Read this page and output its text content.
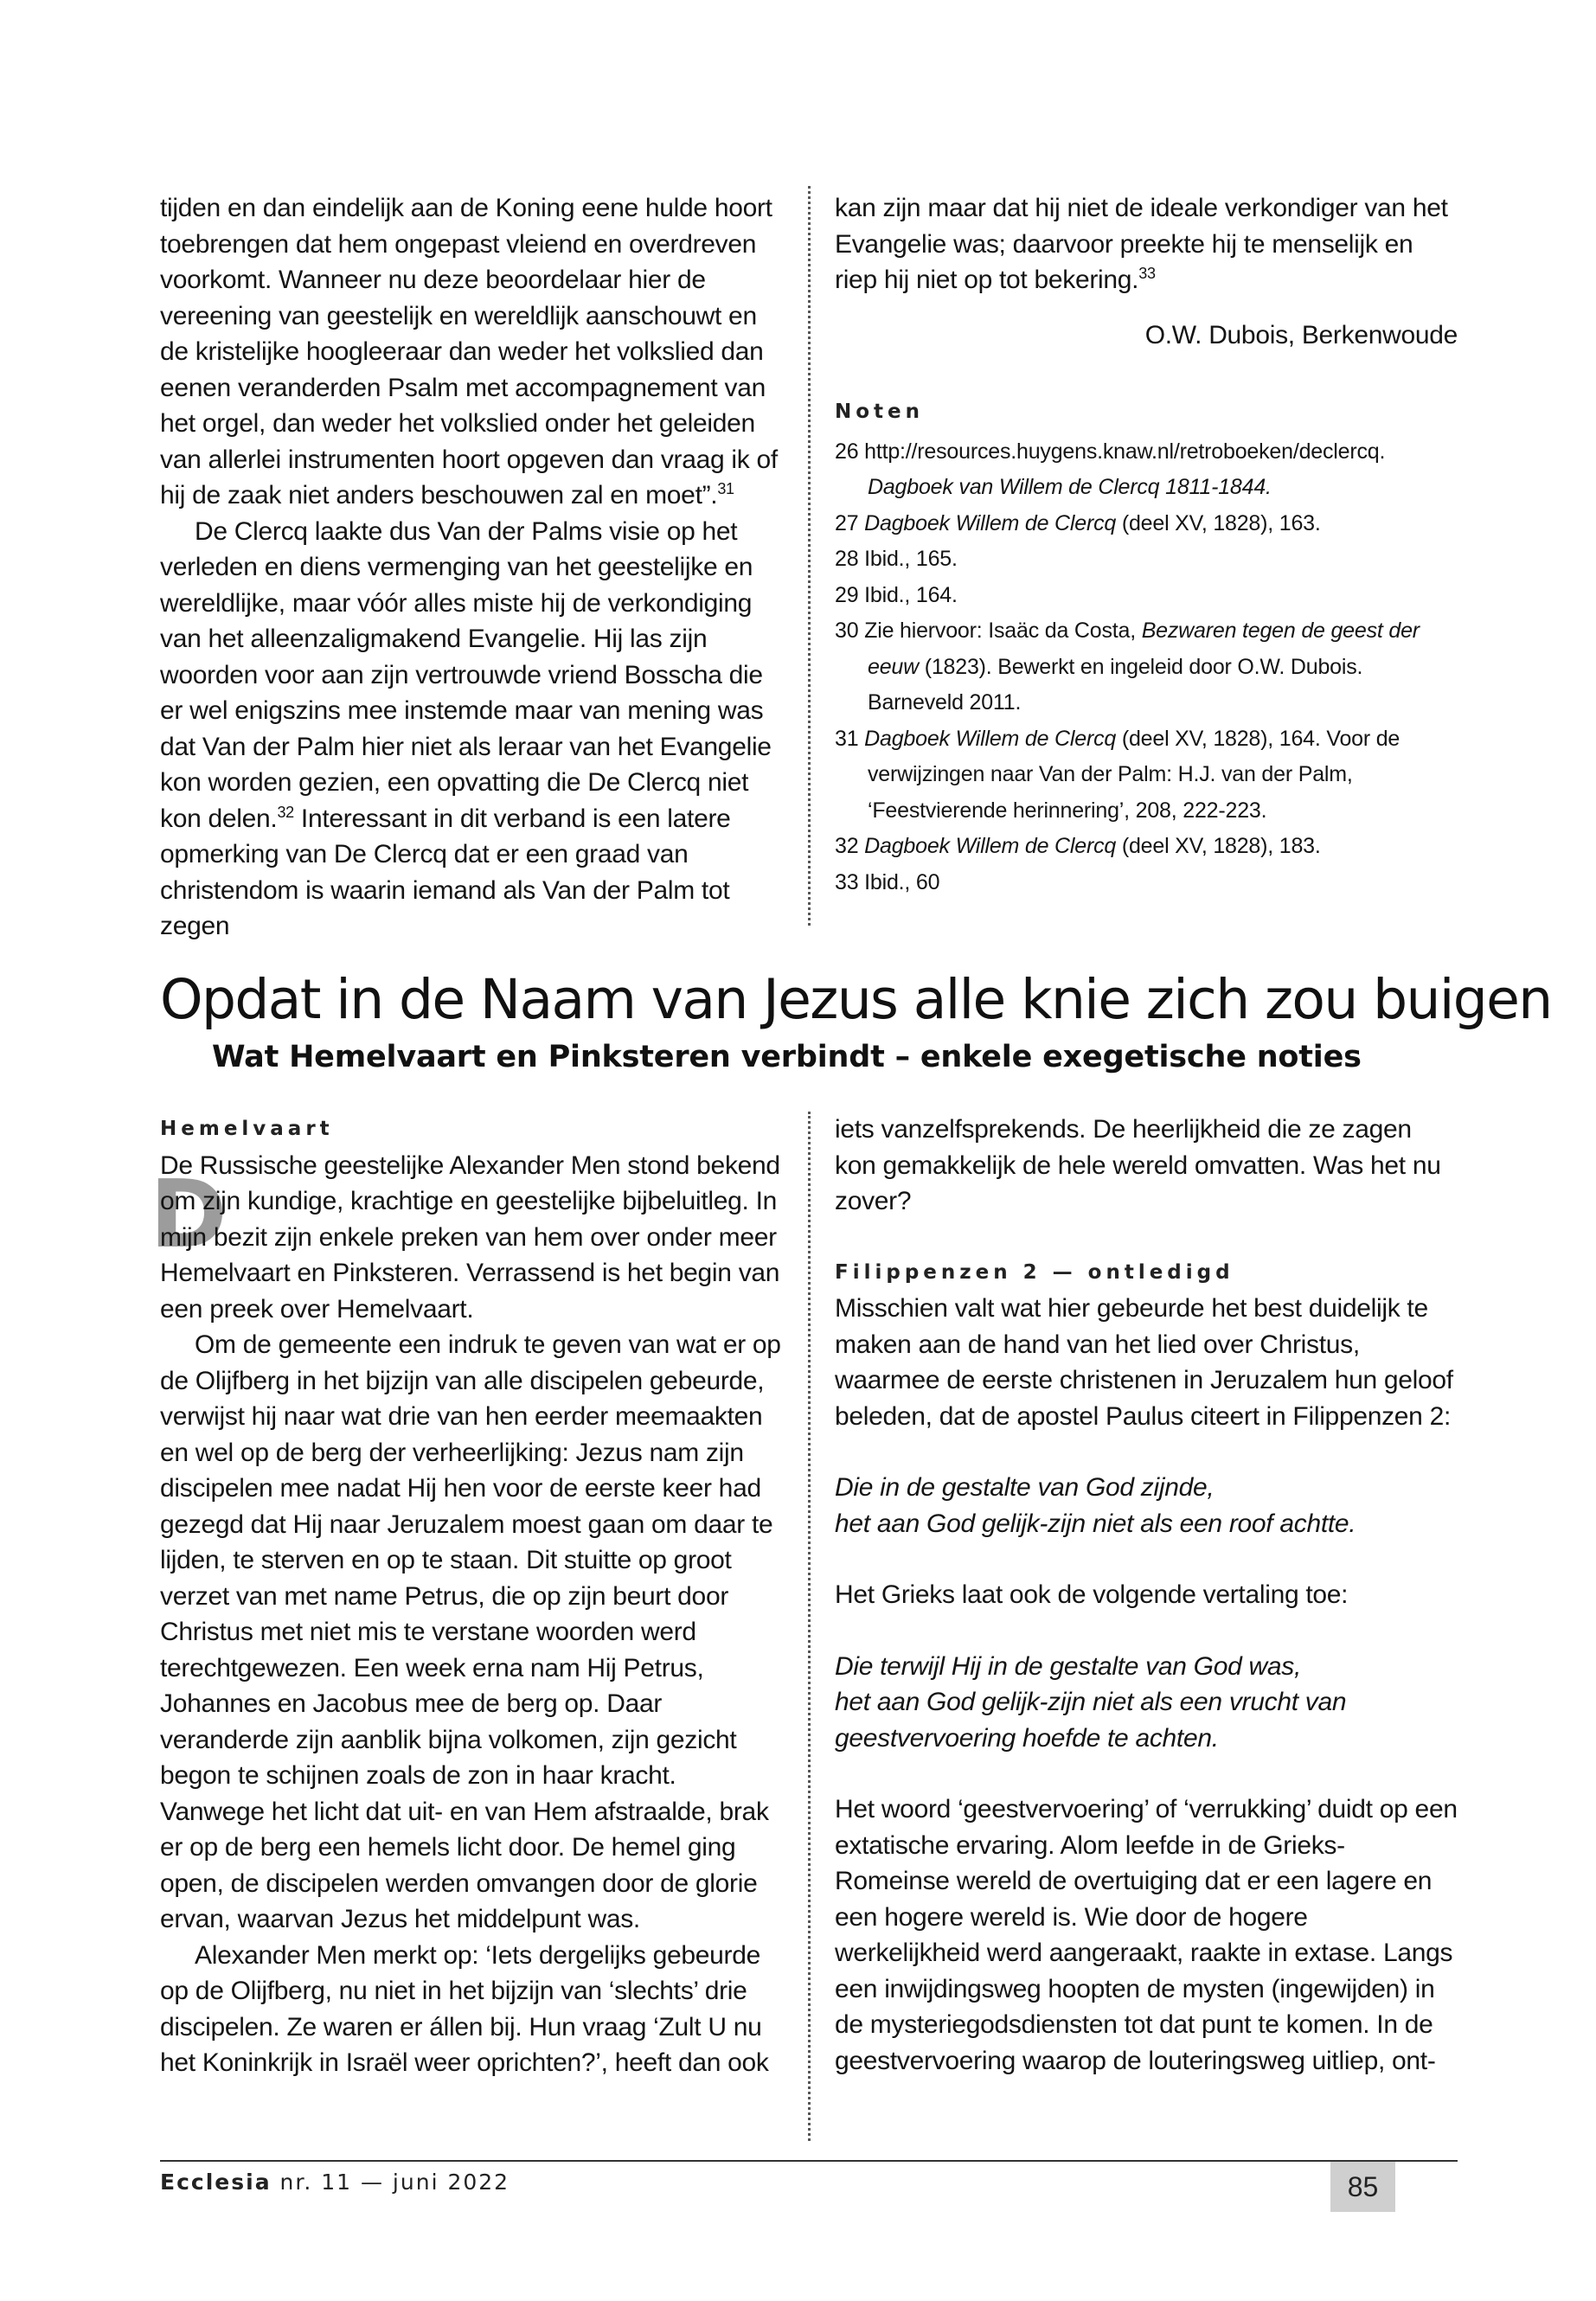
tijden en dan eindelijk aan de Koning eene hulde hoort toebrengen dat hem ongepast vleiend en overdreven voorkomt. Wanneer nu deze beoordelaar hier de vereening van geestelijk en wereldlijk aanschouwt en de kristelijke hoogleeraar dan weder het volkslied dan eenen veranderden Psalm met accompagnement van het orgel, dan weder het volkslied onder het geleiden van allerlei instrumenten hoort opgeven dan vraag ik of hij de zaak niet anders beschouwen zal en moet”.$^{31}$

De Clercq laakte dus Van der Palms visie op het verleden en diens vermenging van het geestelijke en wereldlijke, maar vóór alles miste hij de verkondiging van het alleenzaligmakend Evangelie. Hij las zijn woorden voor aan zijn vertrouwde vriend Bosscha die er wel enigszins mee instemde maar van mening was dat Van der Palm hier niet als leraar van het Evangelie kon worden gezien, een opvatting die De Clercq niet kon delen.$^{32}$ Interessant in dit verband is een latere opmerking van De Clercq dat er een graad van christendom is waarin iemand als Van der Palm tot zegen

kan zijn maar dat hij niet de ideale verkondiger van het Evangelie was; daarvoor preekte hij te menselijk en riep hij niet op tot bekering.$^{33}$

O.W. Dubois, Berkenwoude

Noten

26 http://resources.huygens.knaw.nl/retroboeken/declercq.
Dagboek van Willem de Clercq 1811-1844.

27 Dagboek Willem de Clercq (deel XV, 1828), 163.

28 Ibid., 165.

29 Ibid., 164.

30 Zie hiervoor: Isaäc da Costa, Bezwaren tegen de geest der eeuw (1823). Bewerkt en ingeleid door O.W. Dubois. Barneveld 2011.

31 Dagboek Willem de Clercq (deel XV, 1828), 164. Voor de verwijzingen naar Van der Palm: H.J. van der Palm, ‘Feestvierende herinnering’, 208, 222-223.

32 Dagboek Willem de Clercq (deel XV, 1828), 183.

33 Ibid., 60

Opdat in de Naam van Jezus alle knie zich zou buigen
Wat Hemelvaart en Pinksteren verbindt – enkele exegetische noties

Hemelvaart

D

De Russische geestelijke Alexander Men stond bekend om zijn kundige, krachtige en geestelijke bijbeluitleg. In mijn bezit zijn enkele preken van hem over onder meer Hemelvaart en Pinksteren. Verrassend is het begin van een preek over Hemelvaart.

Om de gemeente een indruk te geven van wat er op de Olijfberg in het bijzijn van alle discipelen gebeurde, verwijst hij naar wat drie van hen eerder meemaakten en wel op de berg der verheerlijking: Jezus nam zijn discipelen mee nadat Hij hen voor de eerste keer had gezegd dat Hij naar Jeruzalem moest gaan om daar te lijden, te sterven en op te staan. Dit stuitte op groot verzet van met name Petrus, die op zijn beurt door Christus met niet mis te verstane woorden werd terechtgewezen. Een week erna nam Hij Petrus, Johannes en Jacobus mee de berg op. Daar veranderde zijn aanblik bijna volkomen, zijn gezicht begon te schijnen zoals de zon in haar kracht. Vanwege het licht dat uit- en van Hem afstraalde, brak er op de berg een hemels licht door. De hemel ging open, de discipelen werden omvangen door de glorie ervan, waarvan Jezus het middelpunt was.

Alexander Men merkt op: ‘Iets dergelijks gebeurde op de Olijfberg, nu niet in het bijzijn van ‘slechts’ drie discipelen. Ze waren er állen bij. Hun vraag ‘Zult U nu het Koninkrijk in Israël weer oprichten?’, heeft dan ook

iets vanzelfsprekends. De heerlijkheid die ze zagen kon gemakkelijk de hele wereld omvatten. Was het nu zover?

Filippenzen 2 — ontledigd

Misschien valt wat hier gebeurde het best duidelijk te maken aan de hand van het lied over Christus, waarmee de eerste christenen in Jeruzalem hun geloof beleden, dat de apostel Paulus citeert in Filippenzen 2:

Die in de gestalte van God zijnde,

het aan God gelijk-zijn niet als een roof achtte.

Het Grieks laat ook de volgende vertaling toe:

Die terwijl Hij in de gestalte van God was,

het aan God gelijk-zijn niet als een vrucht van geestvervoering hoefde te achten.

Het woord ‘geestvervoering’ of ‘verrukking’ duidt op een extatische ervaring. Alom leefde in de Grieks-Romeinse wereld de overtuiging dat er een lagere en een hogere wereld is. Wie door de hogere werkelijkheid werd aangeraakt, raakte in extase. Langs een inwijdingsweg hoopten de mysten (ingewijden) in de mysteriegodsdiensten tot dat punt te komen. In de geestvervoering waarop de louteringsweg uitliep, ont-

Ecclesia nr. 11 — juni 2022	85
